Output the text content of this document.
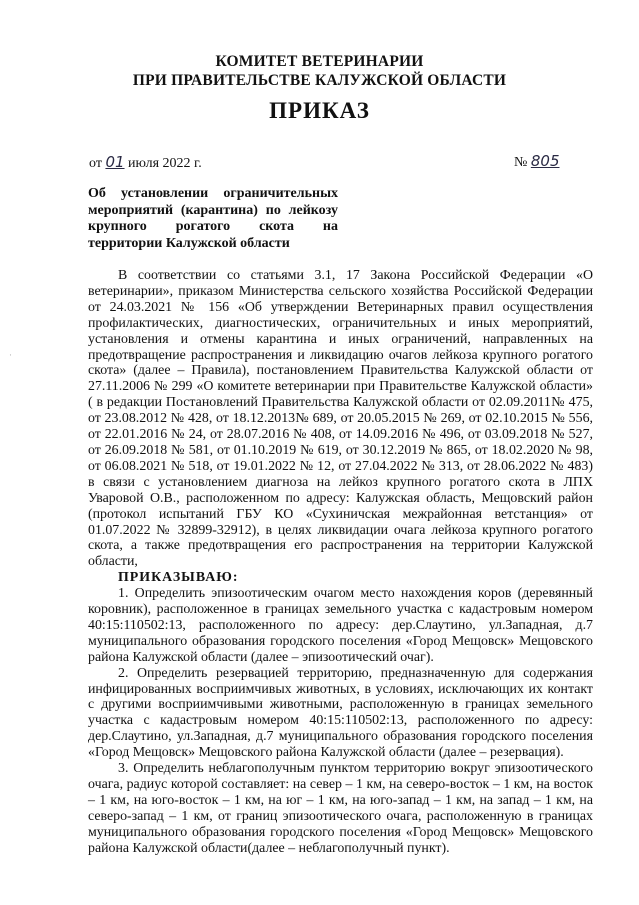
·
КОМИТЕТ ВЕТЕРИНАРИИ
ПРИ ПРАВИТЕЛЬСТВЕ КАЛУЖСКОЙ ОБЛАСТИ
ПРИКАЗ
от 01 июля 2022 г.	№ 805
Об установлении ограничительных мероприятий (карантина) по лейкозу крупного рогатого скота на территории Калужской области

В соответствии со статьями 3.1, 17 Закона Российской Федерации «О ветеринарии», приказом Министерства сельского хозяйства Российской Федерации от 24.03.2021 № 156 «Об утверждении Ветеринарных правил осуществления профилактических, диагностических, ограничительных и иных мероприятий, установления и отмены карантина и иных ограничений, направленных на предотвращение распространения и ликвидацию очагов лейкоза крупного рогатого скота» (далее – Правила), постановлением Правительства Калужской области от 27.11.2006 № 299 «О комитете ветеринарии при Правительстве Калужской области» ( в редакции Постановлений Правительства Калужской области от 02.09.2011№ 475, от 23.08.2012 № 428, от 18.12.2013№ 689, от 20.05.2015 № 269, от 02.10.2015 № 556, от 22.01.2016 № 24, от 28.07.2016 № 408, от 14.09.2016 № 496, от 03.09.2018 № 527, от 26.09.2018 № 581, от 01.10.2019 № 619, от 30.12.2019 № 865, от 18.02.2020 № 98, от 06.08.2021 № 518, от 19.01.2022 № 12, от 27.04.2022 № 313, от 28.06.2022 № 483) в связи с установлением диагноза на лейкоз крупного рогатого скота в ЛПХ Уваровой О.В., расположенном по адресу: Калужская область, Мещовский район (протокол испытаний ГБУ КО «Сухиничская межрайонная ветстанция» от 01.07.2022 № 32899-32912), в целях ликвидации очага лейкоза крупного рогатого скота, а также предотвращения его распространения на территории Калужской области,

ПРИКАЗЫВАЮ:

1. Определить эпизоотическим очагом место нахождения коров (деревянный коровник), расположенное в границах земельного участка с кадастровым номером 40:15:110502:13, расположенного по адресу: дер.Слаутино, ул.Западная, д.7 муниципального образования городского поселения «Город Мещовск» Мещовского района Калужской области (далее – эпизоотический очаг).

2. Определить резервацией территорию, предназначенную для содержания инфицированных восприимчивых животных, в условиях, исключающих их контакт с другими восприимчивыми животными, расположенную в границах земельного участка с кадастровым номером 40:15:110502:13, расположенного по адресу: дер.Слаутино, ул.Западная, д.7 муниципального образования городского поселения «Город Мещовск» Мещовского района Калужской области (далее – резервация).

3. Определить неблагополучным пунктом территорию вокруг эпизоотического очага, радиус которой составляет: на север – 1 км, на северо-восток – 1 км, на восток – 1 км, на юго-восток – 1 км, на юг – 1 км, на юго-запад – 1 км, на запад – 1 км, на северо-запад – 1 км, от границ эпизоотического очага, расположенную в границах муниципального образования городского поселения «Город Мещовск» Мещовского района Калужской области(далее – неблагополучный пункт).
